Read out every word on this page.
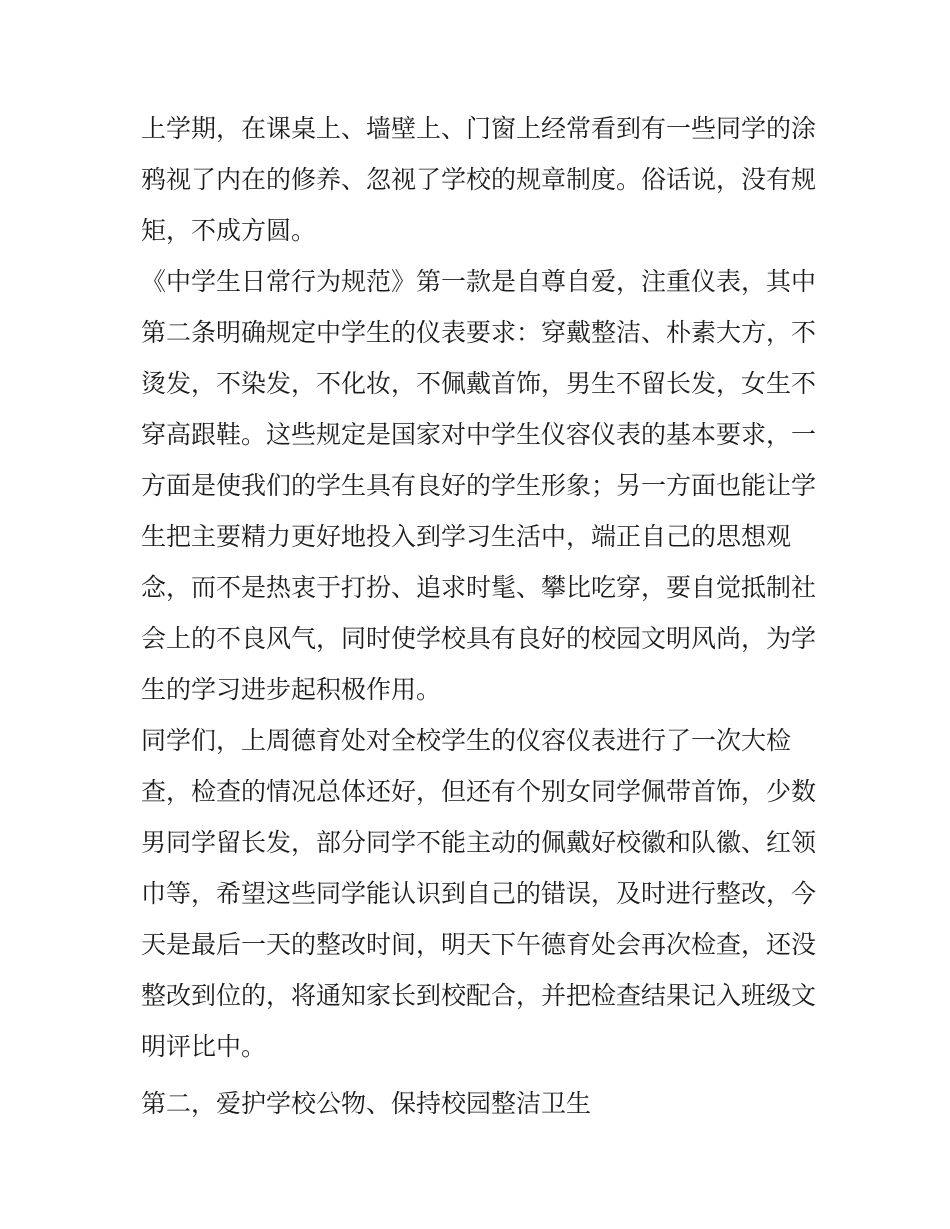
上学期，在课桌上、墙壁上、门窗上经常看到有一些同学的涂
鸦视了内在的修养、忽视了学校的规章制度。俗话说，没有规
矩，不成方圆。
《中学生日常行为规范》第一款是自尊自爱，注重仪表，其中
第二条明确规定中学生的仪表要求：穿戴整洁、朴素大方，不
烫发，不染发，不化妆，不佩戴首饰，男生不留长发，女生不
穿高跟鞋。这些规定是国家对中学生仪容仪表的基本要求，一
方面是使我们的学生具有良好的学生形象；另一方面也能让学
生把主要精力更好地投入到学习生活中，端正自己的思想观
念，而不是热衷于打扮、追求时髦、攀比吃穿，要自觉抵制社
会上的不良风气，同时使学校具有良好的校园文明风尚，为学
生的学习进步起积极作用。
同学们，上周德育处对全校学生的仪容仪表进行了一次大检
查，检查的情况总体还好，但还有个别女同学佩带首饰，少数
男同学留长发，部分同学不能主动的佩戴好校徽和队徽、红领
巾等，希望这些同学能认识到自己的错误，及时进行整改，今
天是最后一天的整改时间，明天下午德育处会再次检查，还没
整改到位的，将通知家长到校配合，并把检查结果记入班级文
明评比中。
第二，爱护学校公物、保持校园整洁卫生
